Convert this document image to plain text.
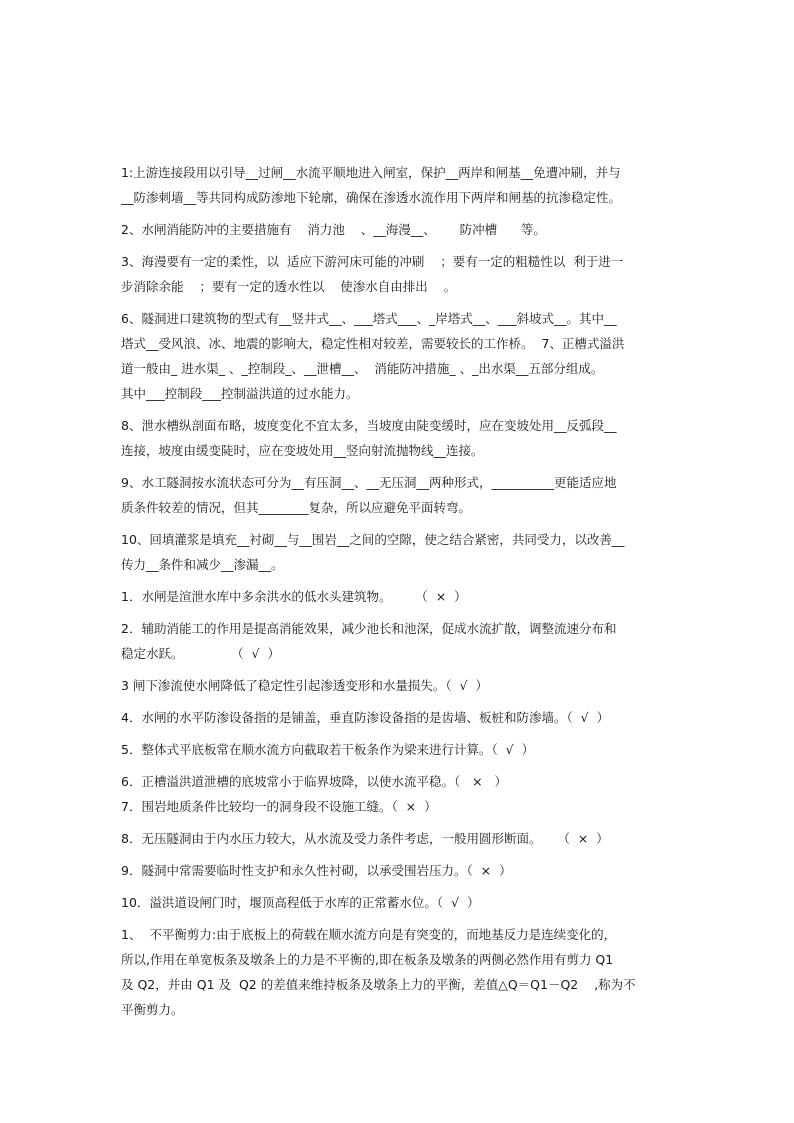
1:上游连接段用以引导__过闸__水流平顺地进入闸室，保护__两岸和闸基__免遭冲刷，并与
__防渗刺墙__等共同构成防渗地下轮廓，确保在渗透水流作用下两岸和闸基的抗渗稳定性。

2、水闸消能防冲的主要措施有    消力池    、__海漫__、      防冲槽      等。

3、海漫要有一定的柔性，以  适应下游河床可能的冲刷    ；要有一定的粗糙性以  利于进一
步消除余能    ；要有一定的透水性以    使渗水自由排出    。

6、隧洞进口建筑物的型式有__竖井式__、___塔式___、_岸塔式__、___斜坡式__。其中__
塔式__受风浪、冰、地震的影响大，稳定性相对较差，需要较长的工作桥。  7、正槽式溢洪
道一般由_ 进水渠_ 、_控制段_、__泄槽__、  消能防冲措施_ 、_出水渠__五部分组成。
其中___控制段___控制溢洪道的过水能力。

8、泄水槽纵剖面布略，坡度变化不宜太多，当坡度由陡变缓时，应在变坡处用__反弧段__
连接，坡度由缓变陡时，应在变坡处用__竖向射流抛物线__连接。

9、水工隧洞按水流状态可分为__有压洞__、__无压洞__两种形式，__________更能适应地
质条件较差的情况，但其________复杂，所以应避免平面转弯。

10、回填灌浆是填充__衬砌__与__围岩__之间的空隙，使之结合紧密，共同受力，以改善__
传力__条件和减少__渗漏__。

1．水闸是渲泄水库中多余洪水的低水头建筑物。      （  ×  ）

2．辅助消能工的作用是提高消能效果，减少池长和池深，促成水流扩散，调整流速分布和
稳定水跃。            （  √  ）

3 闸下渗流使水闸降低了稳定性引起渗透变形和水量损失。（  √  ）

4．水闸的水平防渗设备指的是铺盖，垂直防渗设备指的是齿墙、板桩和防渗墙。（  √  ）

5．整体式平底板常在顺水流方向截取若干板条作为梁来进行计算。（  √  ）

6．正槽溢洪道泄槽的底坡常小于临界坡降，以使水流平稳。（   ×   ）

7．围岩地质条件比较均一的洞身段不设施工缝。（  ×  ）

8．无压隧洞由于内水压力较大，从水流及受力条件考虑，一般用圆形断面。    （  ×  ）

9．隧洞中常需要临时性支护和永久性衬砌，以承受围岩压力。（  ×  ）

10．溢洪道设闸门时，堰顶高程低于水库的正常蓄水位。（  √  ）

1、  不平衡剪力:由于底板上的荷载在顺水流方向是有突变的，而地基反力是连续变化的，
所以,作用在单宽板条及墩条上的力是不平衡的,即在板条及墩条的两侧必然作用有剪力 Q1
及 Q2，并由 Q1 及  Q2 的差值来维持板条及墩条上力的平衡，差值△Q＝Q1－Q2    ,称为不
平衡剪力。
